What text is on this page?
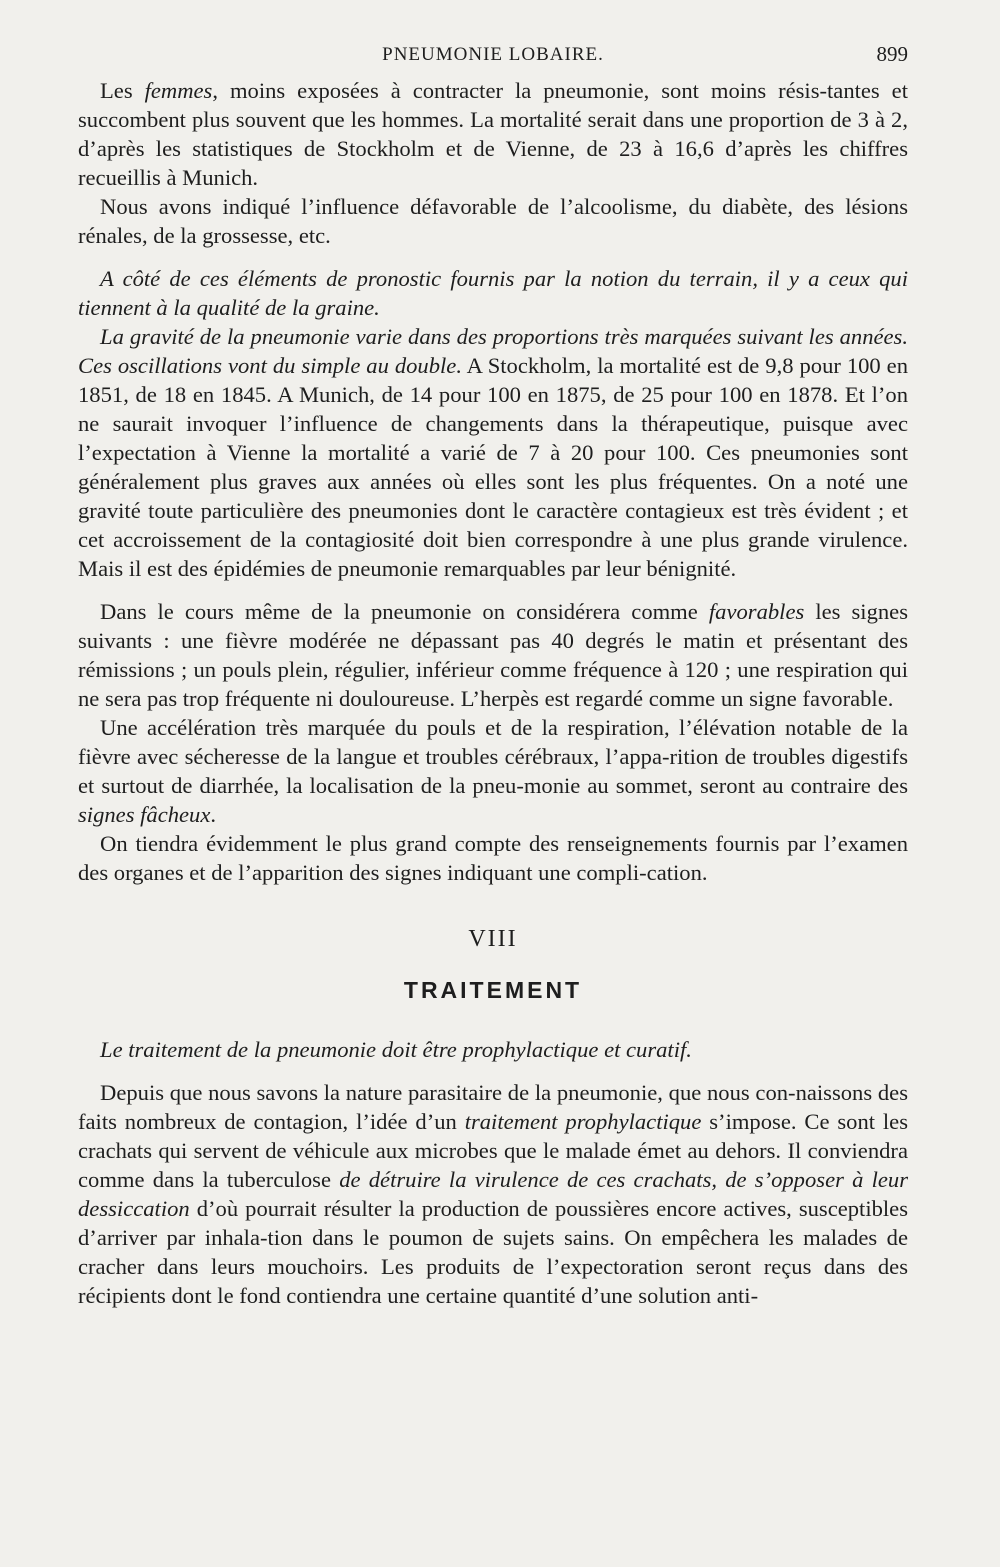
PNEUMONIE LOBAIRE.	899

Les femmes, moins exposées à contracter la pneumonie, sont moins résis-tantes et succombent plus souvent que les hommes. La mortalité serait dans une proportion de 3 à 2, d’après les statistiques de Stockholm et de Vienne, de 23 à 16,6 d’après les chiffres recueillis à Munich.

Nous avons indiqué l’influence défavorable de l’alcoolisme, du diabète, des lésions rénales, de la grossesse, etc.

A côté de ces éléments de pronostic fournis par la notion du terrain, il y a ceux qui tiennent à la qualité de la graine.

La gravité de la pneumonie varie dans des proportions très marquées suivant les années. Ces oscillations vont du simple au double. A Stockholm, la mortalité est de 9,8 pour 100 en 1851, de 18 en 1845. A Munich, de 14 pour 100 en 1875, de 25 pour 100 en 1878. Et l’on ne saurait invoquer l’influence de changements dans la thérapeutique, puisque avec l’expectation à Vienne la mortalité a varié de 7 à 20 pour 100. Ces pneumonies sont généralement plus graves aux années où elles sont les plus fréquentes. On a noté une gravité toute particulière des pneumonies dont le caractère contagieux est très évident ; et cet accroissement de la contagiosité doit bien correspondre à une plus grande virulence. Mais il est des épidémies de pneumonie remarquables par leur bénignité.

Dans le cours même de la pneumonie on considérera comme favorables les signes suivants : une fièvre modérée ne dépassant pas 40 degrés le matin et présentant des rémissions ; un pouls plein, régulier, inférieur comme fréquence à 120 ; une respiration qui ne sera pas trop fréquente ni douloureuse. L’herpès est regardé comme un signe favorable.

Une accélération très marquée du pouls et de la respiration, l’élévation notable de la fièvre avec sécheresse de la langue et troubles cérébraux, l’appa-rition de troubles digestifs et surtout de diarrhée, la localisation de la pneu-monie au sommet, seront au contraire des signes fâcheux.

On tiendra évidemment le plus grand compte des renseignements fournis par l’examen des organes et de l’apparition des signes indiquant une compli-cation.

VIII
TRAITEMENT

Le traitement de la pneumonie doit être prophylactique et curatif.

Depuis que nous savons la nature parasitaire de la pneumonie, que nous con-naissons des faits nombreux de contagion, l’idée d’un traitement prophylactique s’impose. Ce sont les crachats qui servent de véhicule aux microbes que le malade émet au dehors. Il conviendra comme dans la tuberculose de détruire la virulence de ces crachats, de s’opposer à leur dessiccation d’où pourrait résulter la production de poussières encore actives, susceptibles d’arriver par inhala-tion dans le poumon de sujets sains. On empêchera les malades de cracher dans leurs mouchoirs. Les produits de l’expectoration seront reçus dans des récipients dont le fond contiendra une certaine quantité d’une solution anti-
